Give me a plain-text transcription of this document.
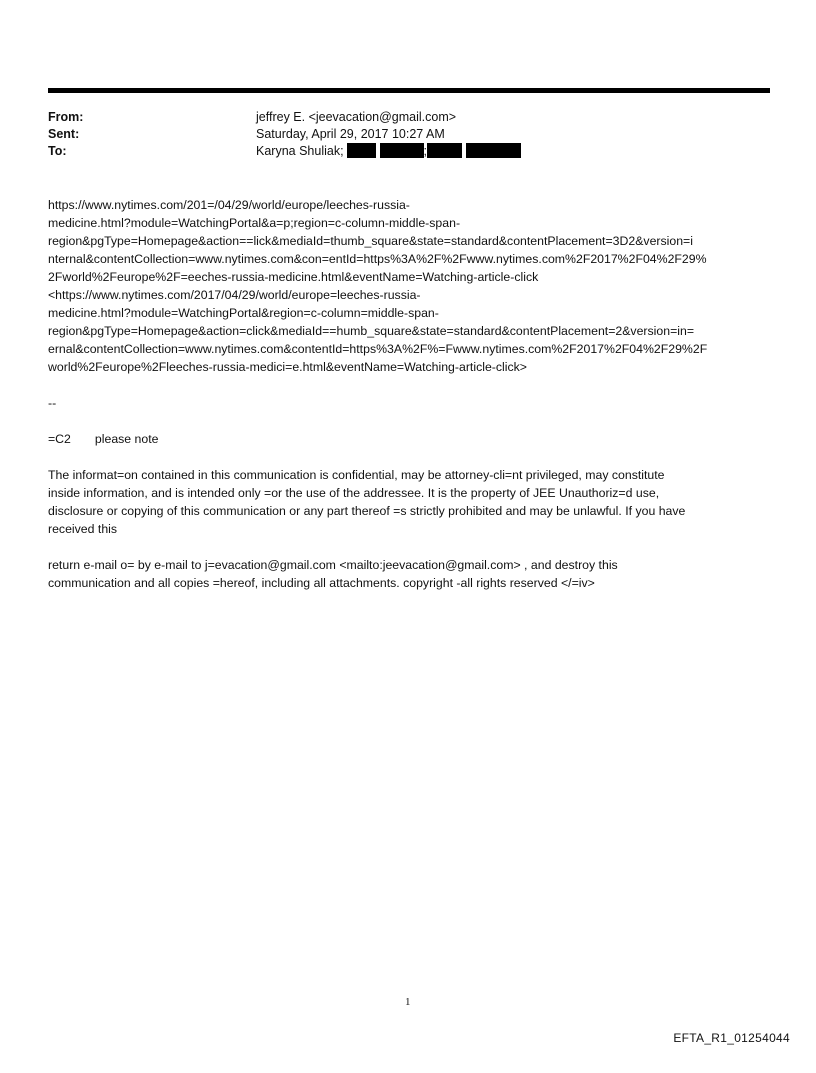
From:	jeffrey E. <jeevacation@gmail.com>
Sent:	Saturday, April 29, 2017 10:27 AM
To:	Karyna Shuliak;	;
https://www.nytimes.com/201=/04/29/world/europe/leeches-russia-
medicine.html?module=WatchingPortal&a=p;region=c-column-middle-span-
region&pgType=Homepage&action==lick&mediaId=thumb_square&state=standard&contentPlacement=3D2&version=i
nternal&contentCollection=www.nytimes.com&con=entId=https%3A%2F%2Fwww.nytimes.com%2F2017%2F04%2F29%
2Fworld%2Feurope%2F=eeches-russia-medicine.html&eventName=Watching-article-click
<https://www.nytimes.com/2017/04/29/world/europe=leeches-russia-
medicine.html?module=WatchingPortal&region=c-column=middle-span-
region&pgType=Homepage&action=click&mediaId==humb_square&state=standard&contentPlacement=2&version=in=
ernal&contentCollection=www.nytimes.com&contentId=https%3A%2F%=Fwww.nytimes.com%2F2017%2F04%2F29%2F
world%2Feurope%2Fleeches-russia-medici=e.html&eventName=Watching-article-click>
--
=C2 please note
The informat=on contained in this communication is confidential, may be attorney-cli=nt privileged, may constitute
inside information, and is intended only =or the use of the addressee. It is the property of JEE Unauthoriz=d use,
disclosure or copying of this communication or any part thereof =s strictly prohibited and may be unlawful. If you have
received this
return e-mail o= by e-mail to j=evacation@gmail.com <mailto:jeevacation@gmail.com> , and destroy this
communication and all copies =hereof, including all attachments. copyright -all rights reserved </=iv>
1
EFTA_R1_01254044
